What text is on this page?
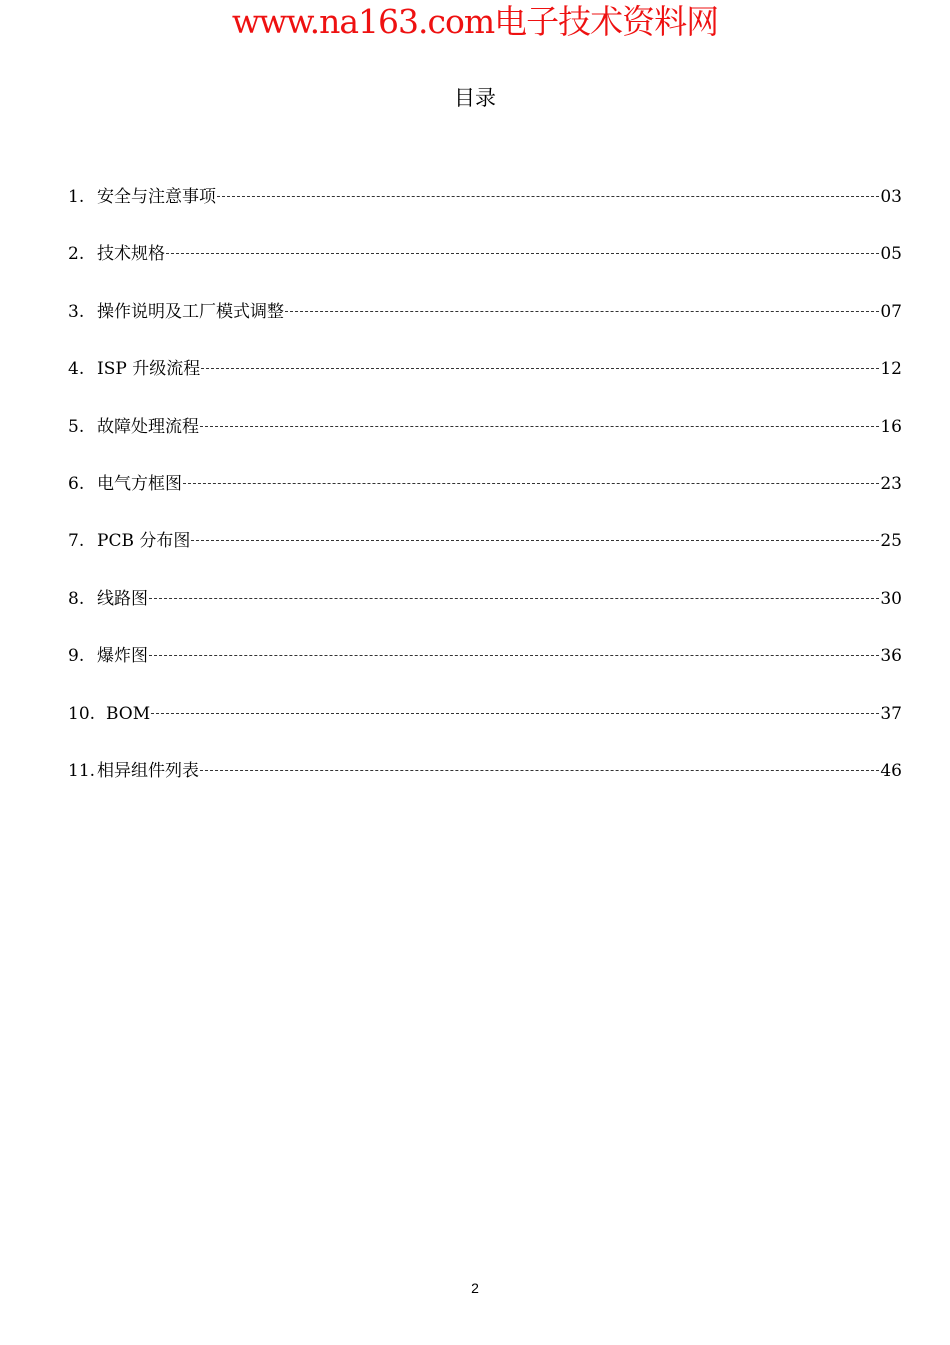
www.na163.com电子技术资料网
目录
1. 安全与注意事项	03
2. 技术规格	05
3. 操作说明及工厂模式调整	07
4. ISP 升级流程	12
5. 故障处理流程	16
6. 电气方框图	23
7. PCB 分布图	25
8. 线路图	30
9. 爆炸图	36
10. BOM	37
11. 相异组件列表	46
2
